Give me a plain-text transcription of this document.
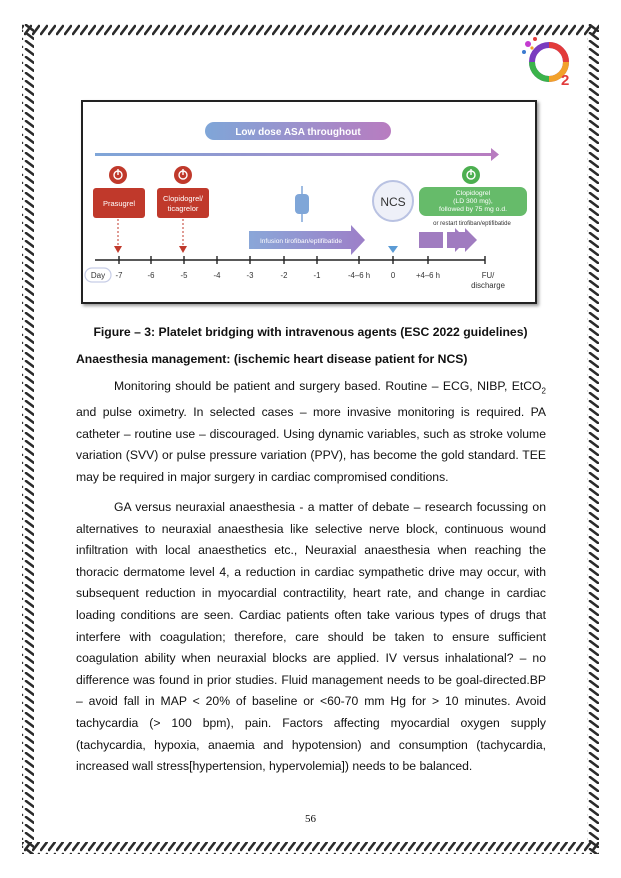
2
Low dose ASA throughout
Prasugrel
Clopidogrel/
ticagrelor
Infusion tirofiban/eptifibatide
NCS
Clopidogrel
(LD 300 mg),
followed by 75 mg o.d.
or restart tirofiban/eptifibatide
-7	-6	-5	-4	-3	-2	-1	-4–6 h	0	+4–6 h
Day	FU/
discharge
Figure – 3: Platelet bridging with intravenous agents (ESC 2022 guidelines)
Anaesthesia management: (ischemic heart disease patient for NCS)

Monitoring should be patient and surgery based. Routine – ECG, NIBP, EtCO$_2$ and pulse oximetry. In selected cases – more invasive monitoring is required. PA catheter – routine use – discouraged. Using dynamic variables, such as stroke volume variation (SVV) or pulse pressure variation (PPV), has become the gold standard. TEE may be required in major surgery in cardiac compromised conditions.

GA versus neuraxial anaesthesia - a matter of debate – research focussing on alternatives to neuraxial anaesthesia like selective nerve block, continuous wound infiltration with local anaesthetics etc., Neuraxial anaesthesia when reaching the thoracic dermatome level 4, a reduction in cardiac sympathetic drive may occur, with subsequent reduction in myocardial contractility, heart rate, and change in cardiac loading conditions are seen. Cardiac patients often take various types of drugs that interfere with coagulation; therefore, care should be taken to ensure sufficient coagulation ability when neuraxial blocks are applied. IV versus inhalational? – no difference was found in prior studies. Fluid management needs to be goal-directed.BP – avoid fall in MAP < 20% of baseline or <60-70 mm Hg for > 10 minutes. Avoid tachycardia (> 100 bpm), pain. Factors affecting myocardial oxygen supply (tachycardia, hypoxia, anaemia and hypotension) and consumption (tachycardia, increased wall stress[hypertension, hypervolemia]) needs to be balanced.

56
